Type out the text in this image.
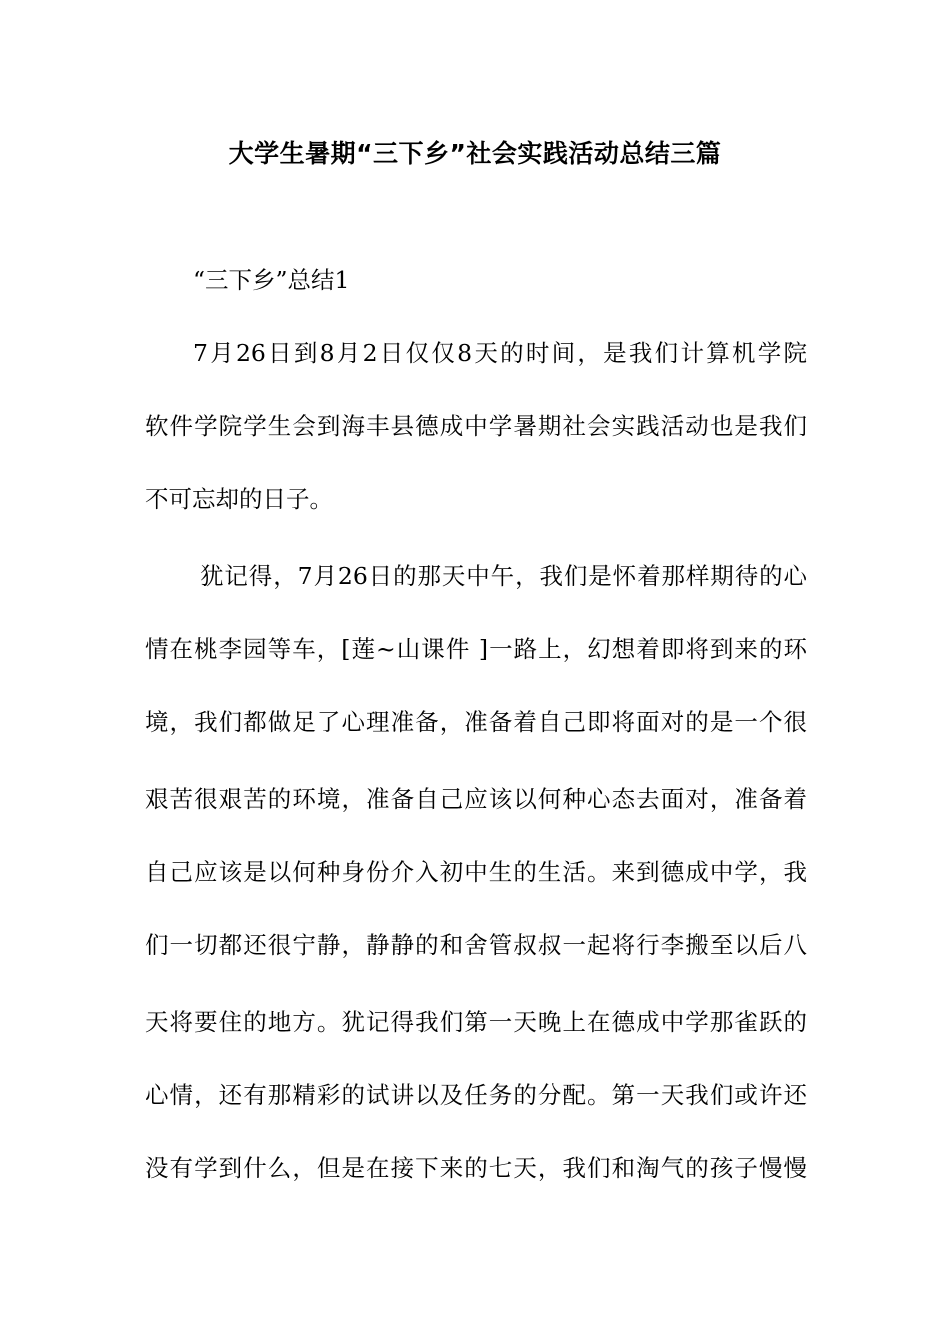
大学生暑期“三下乡”社会实践活动总结三篇
“三下乡”总结1
7月26日到8月2日仅仅8天的时间，是我们计算机学院
软件学院学生会到海丰县德成中学暑期社会实践活动也是我们
不可忘却的日子。
犹记得，7月26日的那天中午，我们是怀着那样期待的心
情在桃李园等车，[莲~山课件 ]一路上，幻想着即将到来的环
境，我们都做足了心理准备，准备着自己即将面对的是一个很
艰苦很艰苦的环境，准备自己应该以何种心态去面对，准备着
自己应该是以何种身份介入初中生的生活。来到德成中学，我
们一切都还很宁静，静静的和舍管叔叔一起将行李搬至以后八
天将要住的地方。犹记得我们第一天晚上在德成中学那雀跃的
心情，还有那精彩的试讲以及任务的分配。第一天我们或许还
没有学到什么，但是在接下来的七天，我们和淘气的孩子慢慢
